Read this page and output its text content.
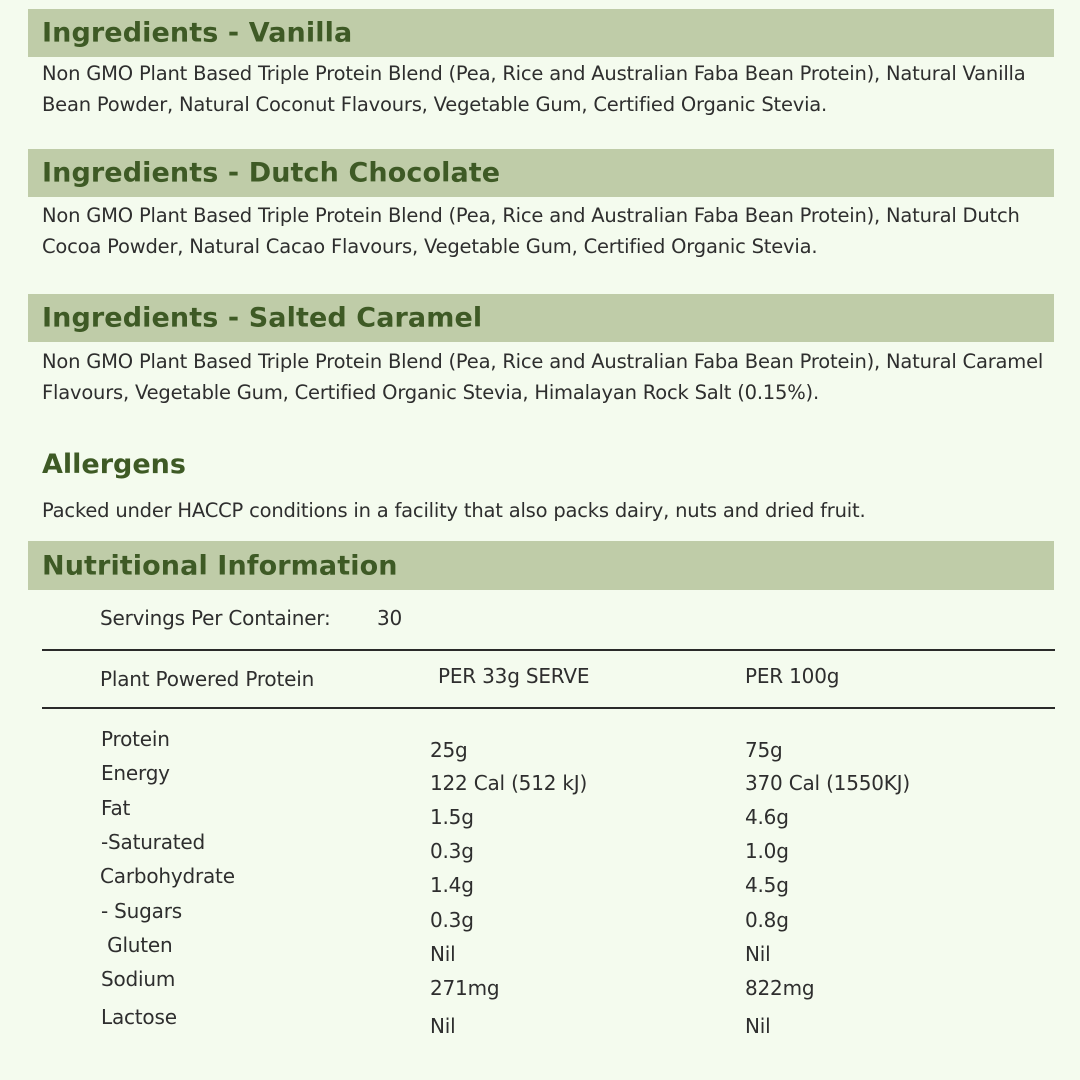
Ingredients - Vanilla
Non GMO Plant Based Triple Protein Blend (Pea, Rice and Australian Faba Bean Protein), Natural Vanilla Bean Powder, Natural Coconut Flavours, Vegetable Gum, Certified Organic Stevia.
Ingredients - Dutch Chocolate
Non GMO Plant Based Triple Protein Blend (Pea, Rice and Australian Faba Bean Protein), Natural Dutch Cocoa Powder, Natural Cacao Flavours, Vegetable Gum, Certified Organic Stevia.
Ingredients - Salted Caramel
Non GMO Plant Based Triple Protein Blend (Pea, Rice and Australian Faba Bean Protein), Natural Caramel Flavours, Vegetable Gum, Certified Organic Stevia, Himalayan Rock Salt (0.15%).
Allergens
Packed under HACCP conditions in a facility that also packs dairy, nuts and dried fruit.
Nutritional Information
Servings Per Container: 30
Plant Powered Protein	PER 33g SERVE	PER 100g
Protein	25g	75g
Energy	122 Cal (512 kJ)	370 Cal (1550KJ)
Fat	1.5g	4.6g
-Saturated	0.3g	1.0g
Carbohydrate	1.4g	4.5g
- Sugars	0.3g	0.8g
Gluten	Nil	Nil
Sodium	271mg	822mg
Lactose	Nil	Nil
